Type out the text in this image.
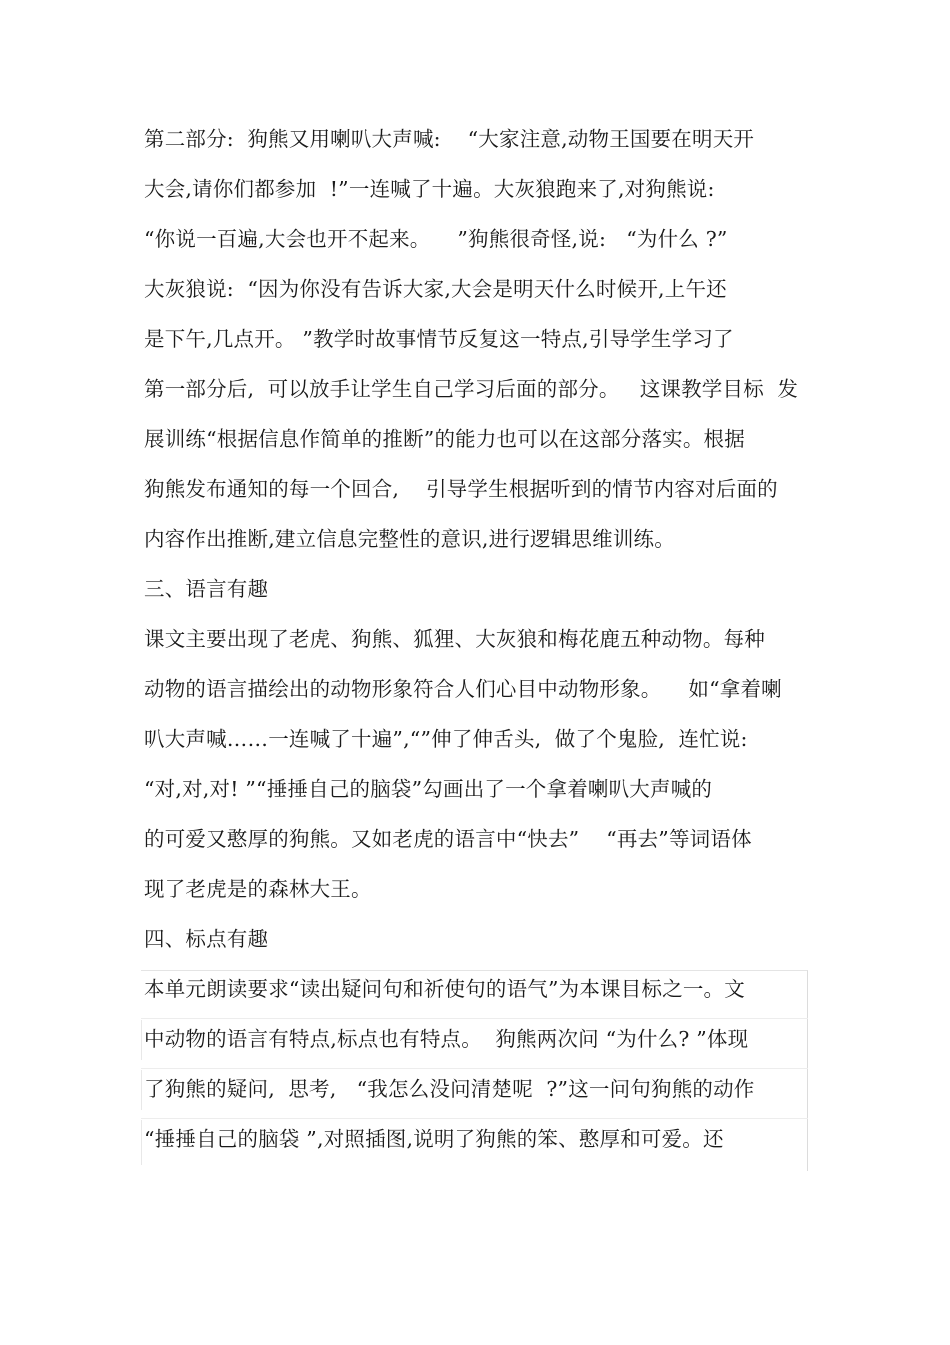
第二部分:  狗熊又用喇叭大声喊:    “大家注意,动物王国要在明天开
大会,请你们都参加  !”一连喊了十遍。大灰狼跑来了,对狗熊说:
“你说一百遍,大会也开不起来。    ”狗熊很奇怪,说:   “为什么 ?”
大灰狼说:  “因为你没有告诉大家,大会是明天什么时候开,上午还
是下午,几点开。 ”教学时故事情节反复这一特点,引导学生学习了
第一部分后,  可以放手让学生自己学习后面的部分。   这课教学目标  发
展训练“根据信息作简单的推断”的能力也可以在这部分落实。根据
狗熊发布通知的每一个回合,    引导学生根据听到的情节内容对后面的
内容作出推断,建立信息完整性的意识,进行逻辑思维训练。
三、语言有趣
课文主要出现了老虎、狗熊、狐狸、大灰狼和梅花鹿五种动物。每种
动物的语言描绘出的动物形象符合人们心目中动物形象。    如“拿着喇
叭大声喊……一连喊了十遍”,“”伸了伸舌头,  做了个鬼脸,  连忙说:
“对,对,对! ”“捶捶自己的脑袋”勾画出了一个拿着喇叭大声喊的
的可爱又憨厚的狗熊。又如老虎的语言中“快去”    “再去”等词语体
现了老虎是的森林大王。
四、标点有趣
本单元朗读要求“读出疑问句和祈使句的语气”为本课目标之一。文
中动物的语言有特点,标点也有特点。  狗熊两次问 “为什么? ”体现
了狗熊的疑问,  思考,   “我怎么没问清楚呢  ?”这一问句狗熊的动作
“捶捶自己的脑袋 ”,对照插图,说明了狗熊的笨、憨厚和可爱。还
